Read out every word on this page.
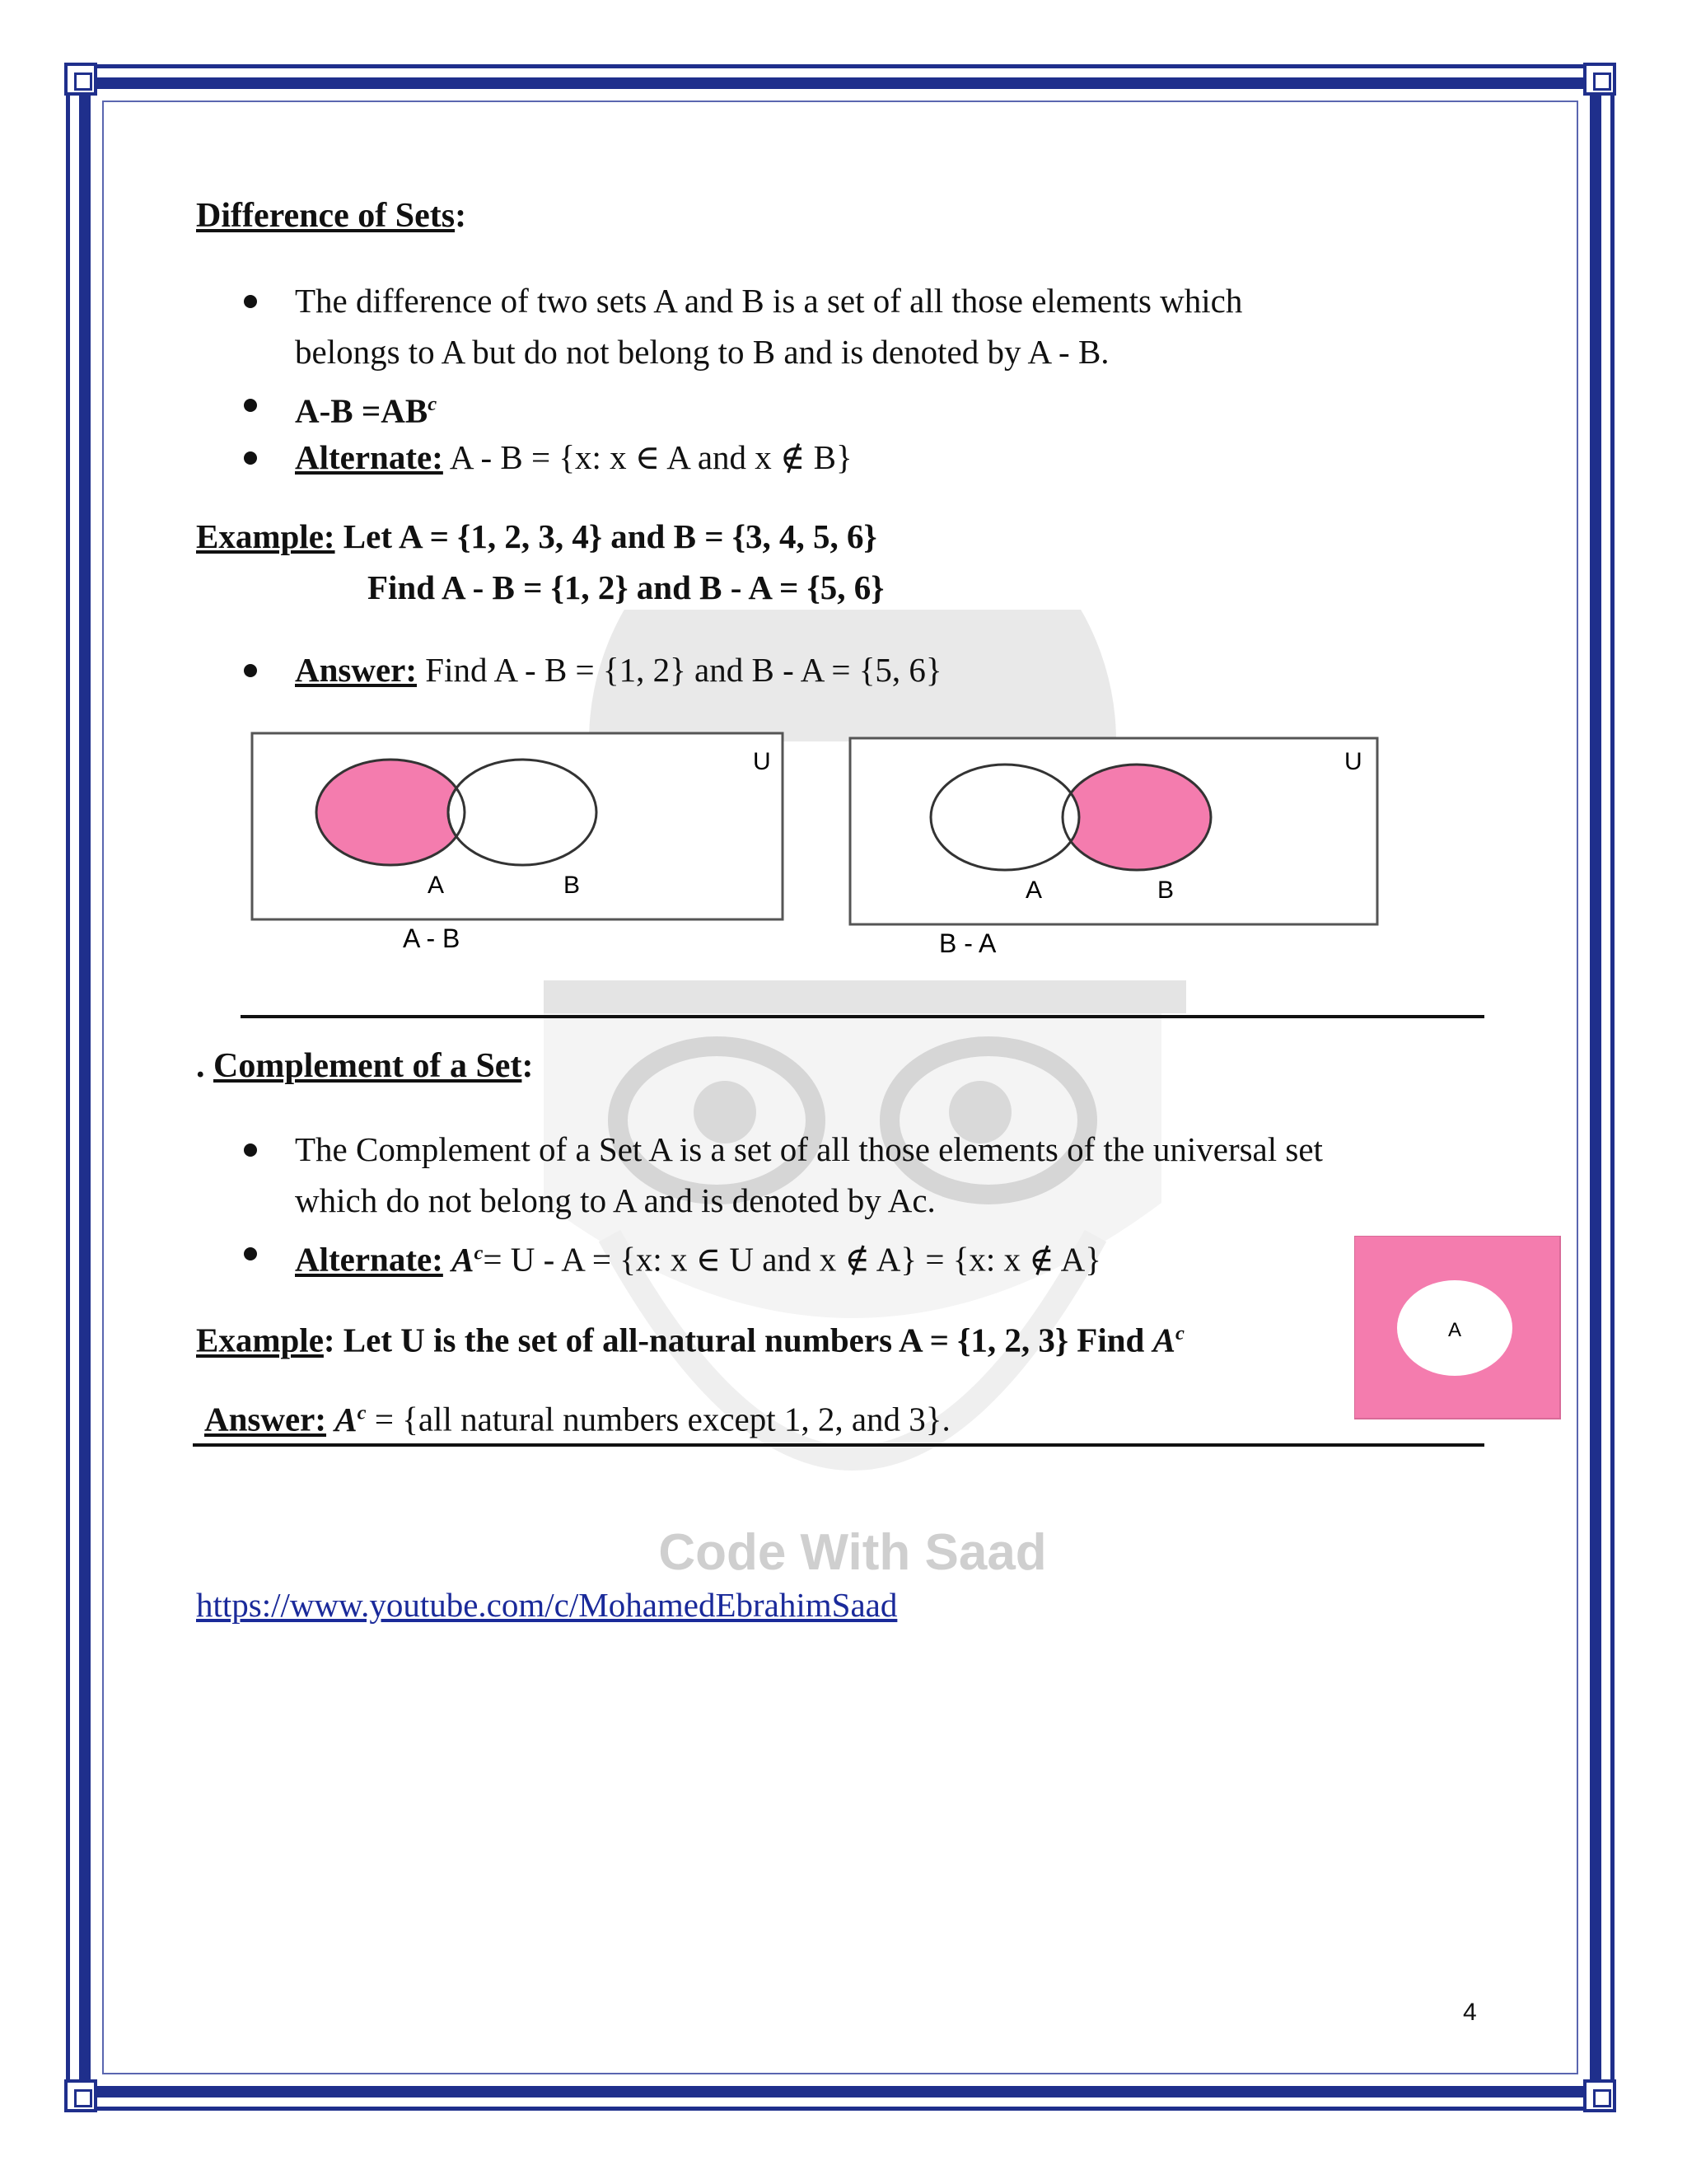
Code With Saad
Difference of Sets:
The difference of two sets A and B is a set of all those elements which
belongs to A but do not belong to B and is denoted by A - B.
$A-B =AB^c$
Alternate: A - B = {x: x ∈ A and x ∉ B}
Example: Let A = {1, 2, 3, 4} and B = {3, 4, 5, 6}
Find A - B = {1, 2} and B - A = {5, 6}
Answer: Find A - B = {1, 2} and B - A = {5, 6}
U
A	B
A - B
U
A	B
B - A
. Complement of a Set:
The Complement of a Set A is a set of all those elements of the universal set
which do not belong to A and is denoted by Ac.
Alternate: $A^c= U - A = \{x$: x ∈ U and x ∉ A} = {x: x ∉ A}
Example: Let U is the set of all-natural numbers A = {1, 2, 3} Find $A^c$
Answer: $A^c = \{all$ natural numbers except 1, 2, and 3}.
A
https://www.youtube.com/c/MohamedEbrahimSaad
4
